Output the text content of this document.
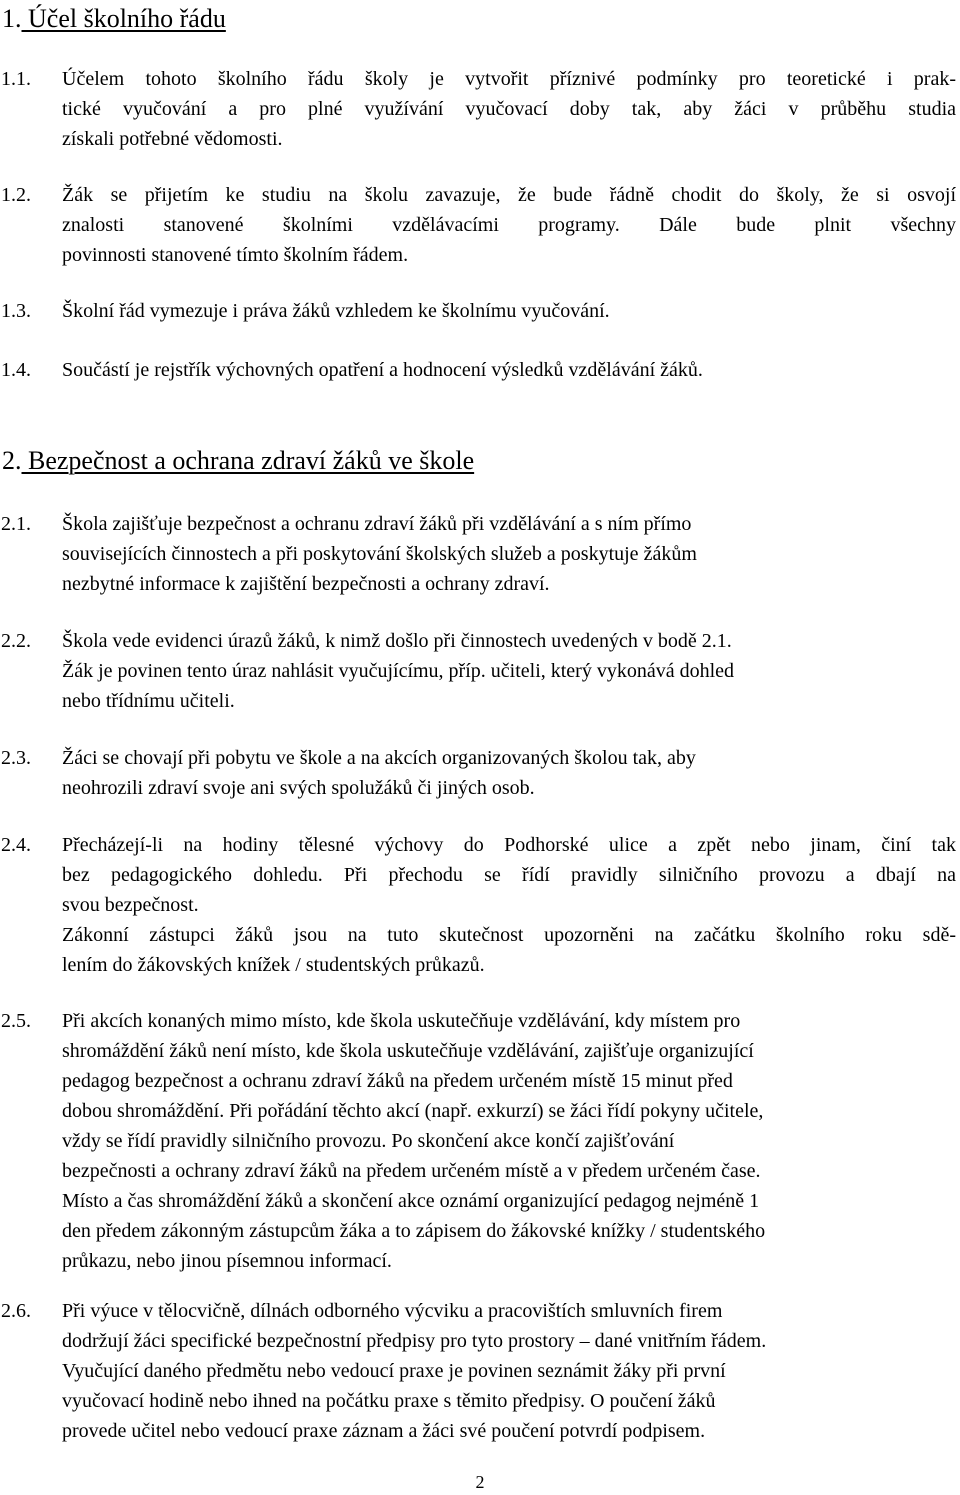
1. Účel školního řádu
1.1. Účelem tohoto školního řádu školy je vytvořit příznivé podmínky pro teoretické i prak-
tické vyučování a pro plné využívání vyučovací doby tak, aby žáci v průběhu studia
získali potřebné vědomosti.
1.2. Žák se přijetím ke studiu na školu zavazuje, že bude řádně chodit do školy, že si osvojí
znalosti stanovené školními vzdělávacími programy. Dále bude plnit všechny
povinnosti stanovené tímto školním řádem.
1.3. Školní řád vymezuje i práva žáků vzhledem ke školnímu vyučování.
1.4. Součástí je rejstřík výchovných opatření a hodnocení výsledků vzdělávání žáků.
2. Bezpečnost a ochrana zdraví žáků ve škole
2.1. Škola zajišťuje bezpečnost a ochranu zdraví žáků při vzdělávání a s ním přímo
souvisejících činnostech a při poskytování školských služeb a poskytuje žákům
nezbytné informace k zajištění bezpečnosti a ochrany zdraví.
2.2. Škola vede evidenci úrazů žáků, k nimž došlo při činnostech uvedených v bodě 2.1.
Žák je povinen tento úraz nahlásit vyučujícímu, příp. učiteli, který vykonává dohled
nebo třídnímu učiteli.
2.3. Žáci se chovají při pobytu ve škole a na akcích organizovaných školou tak, aby
neohrozili zdraví svoje ani svých spolužáků či jiných osob.
2.4. Přecházejí-li na hodiny tělesné výchovy do Podhorské ulice a zpět nebo jinam, činí tak
bez pedagogického dohledu. Při přechodu se řídí pravidly silničního provozu a dbají na
svou bezpečnost.
Zákonní zástupci žáků jsou na tuto skutečnost upozorněni na začátku školního roku sdě-
lením do žákovských knížek / studentských průkazů.
2.5. Při akcích konaných mimo místo, kde škola uskutečňuje vzdělávání, kdy místem pro
shromáždění žáků není místo, kde škola uskutečňuje vzdělávání, zajišťuje organizující
pedagog bezpečnost a ochranu zdraví žáků na předem určeném místě 15 minut před
dobou shromáždění. Při pořádání těchto akcí (např. exkurzí) se žáci řídí pokyny učitele,
vždy se řídí pravidly silničního provozu. Po skončení akce končí zajišťování
bezpečnosti a ochrany zdraví žáků na předem určeném místě a v předem určeném čase.
Místo a čas shromáždění žáků a skončení akce oznámí organizující pedagog nejméně 1
den předem zákonným zástupcům žáka a to zápisem do žákovské knížky / studentského
průkazu, nebo jinou písemnou informací.
2.6. Při výuce v tělocvičně, dílnách odborného výcviku a pracovištích smluvních firem
dodržují žáci specifické bezpečnostní předpisy pro tyto prostory – dané vnitřním řádem.
Vyučující daného předmětu nebo vedoucí praxe je povinen seznámit žáky při první
vyučovací hodině nebo ihned na počátku praxe s těmito předpisy. O poučení žáků
provede učitel nebo vedoucí praxe záznam a žáci své poučení potvrdí podpisem.
2
